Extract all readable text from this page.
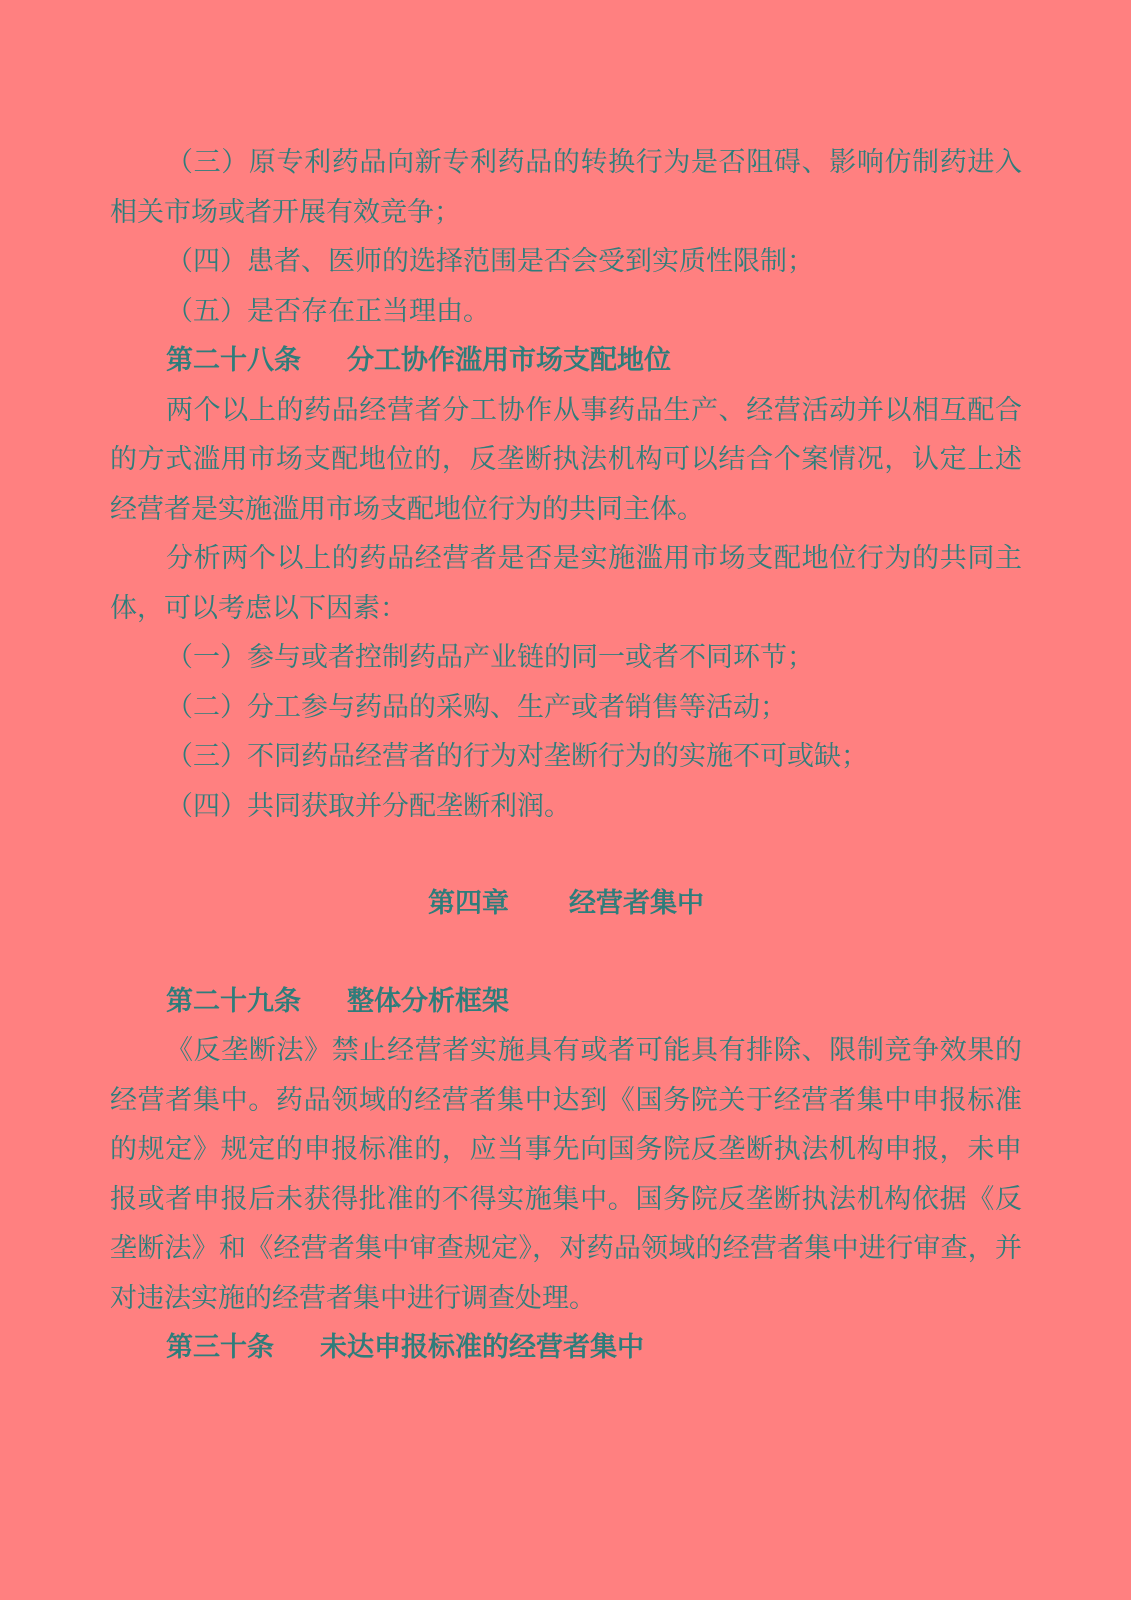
（三）原专利药品向新专利药品的转换行为是否阻碍、影响仿制药进入相关市场或者开展有效竞争；

（四）患者、医师的选择范围是否会受到实质性限制；

（五）是否存在正当理由。

第二十八条 分工协作滥用市场支配地位

两个以上的药品经营者分工协作从事药品生产、经营活动并以相互配合的方式滥用市场支配地位的，反垄断执法机构可以结合个案情况，认定上述经营者是实施滥用市场支配地位行为的共同主体。

分析两个以上的药品经营者是否是实施滥用市场支配地位行为的共同主体，可以考虑以下因素：

（一）参与或者控制药品产业链的同一或者不同环节；

（二）分工参与药品的采购、生产或者销售等活动；

（三）不同药品经营者的行为对垄断行为的实施不可或缺；

（四）共同获取并分配垄断利润。

第四章 经营者集中

第二十九条 整体分析框架

《反垄断法》禁止经营者实施具有或者可能具有排除、限制竞争效果的经营者集中。药品领域的经营者集中达到《国务院关于经营者集中申报标准的规定》规定的申报标准的，应当事先向国务院反垄断执法机构申报，未申报或者申报后未获得批准的不得实施集中。国务院反垄断执法机构依据《反垄断法》和《经营者集中审查规定》，对药品领域的经营者集中进行审查，并对违法实施的经营者集中进行调查处理。

第三十条 未达申报标准的经营者集中
